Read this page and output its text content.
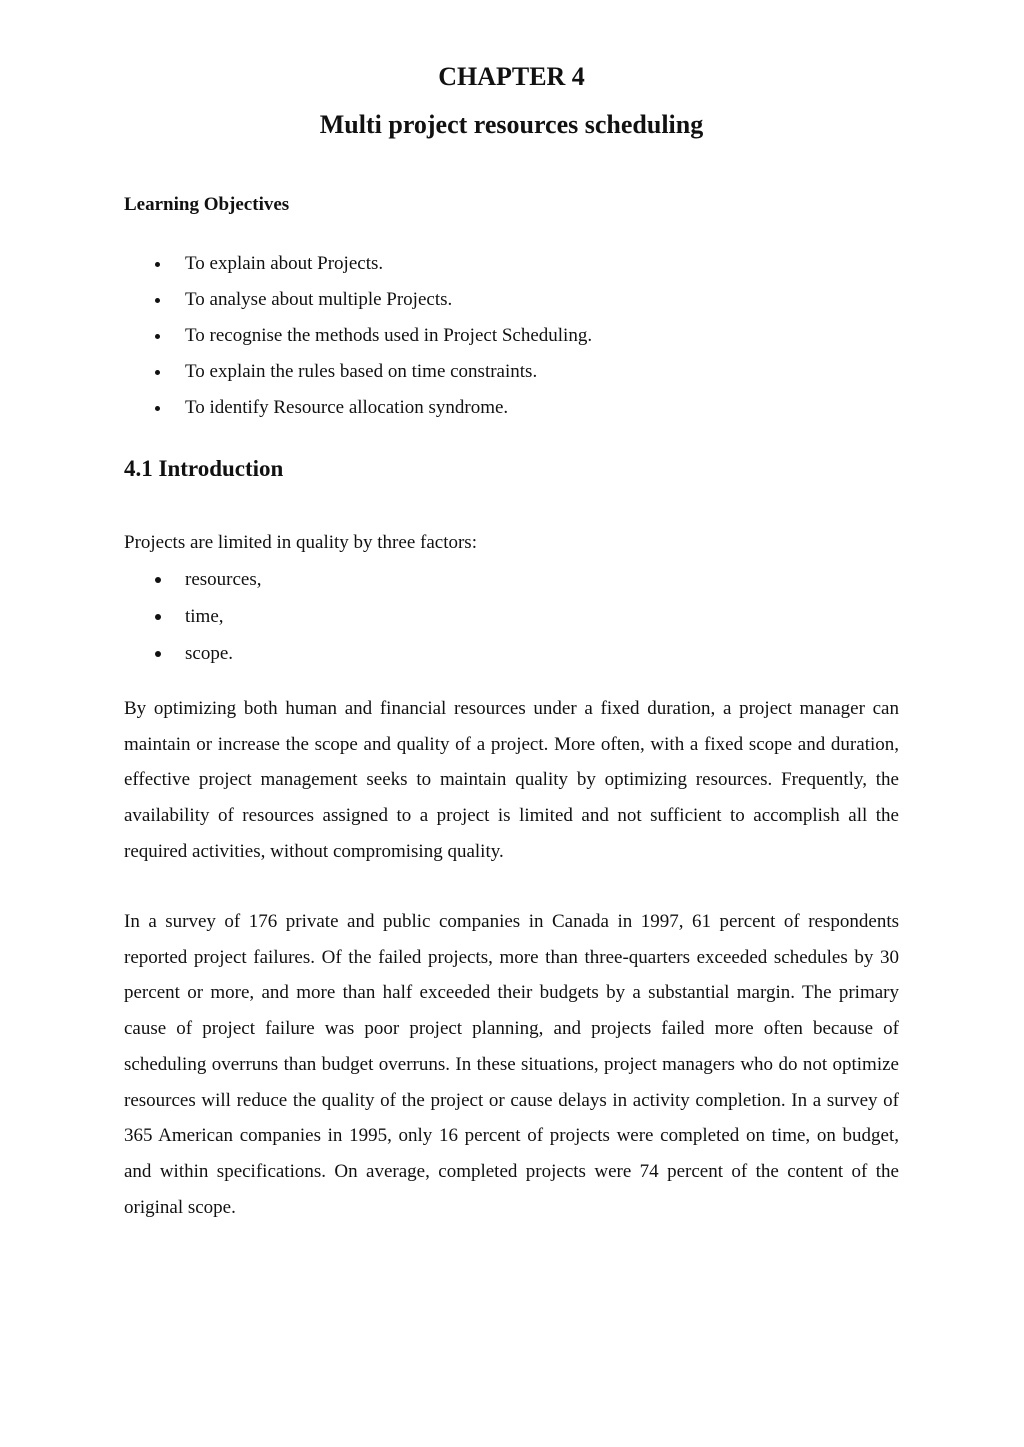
CHAPTER 4
Multi project resources scheduling
Learning Objectives
To explain about Projects.
To analyse about multiple Projects.
To recognise the methods used in Project Scheduling.
To explain the rules based on time constraints.
To identify Resource allocation syndrome.
4.1 Introduction
Projects are limited in quality by three factors:
resources,
time,
scope.

By optimizing both human and financial resources under a fixed duration, a project manager can maintain or increase the scope and quality of a project. More often, with a fixed scope and duration, effective project management seeks to maintain quality by optimizing resources. Frequently, the availability of resources assigned to a project is limited and not sufficient to accomplish all the required activities, without compromising quality.

In a survey of 176 private and public companies in Canada in 1997, 61 percent of respondents reported project failures. Of the failed projects, more than three-quarters exceeded schedules by 30 percent or more, and more than half exceeded their budgets by a substantial margin. The primary cause of project failure was poor project planning, and projects failed more often because of scheduling overruns than budget overruns. In these situations, project managers who do not optimize resources will reduce the quality of the project or cause delays in activity completion. In a survey of 365 American companies in 1995, only 16 percent of projects were completed on time, on budget, and within specifications. On average, completed projects were 74 percent of the content of the original scope.
